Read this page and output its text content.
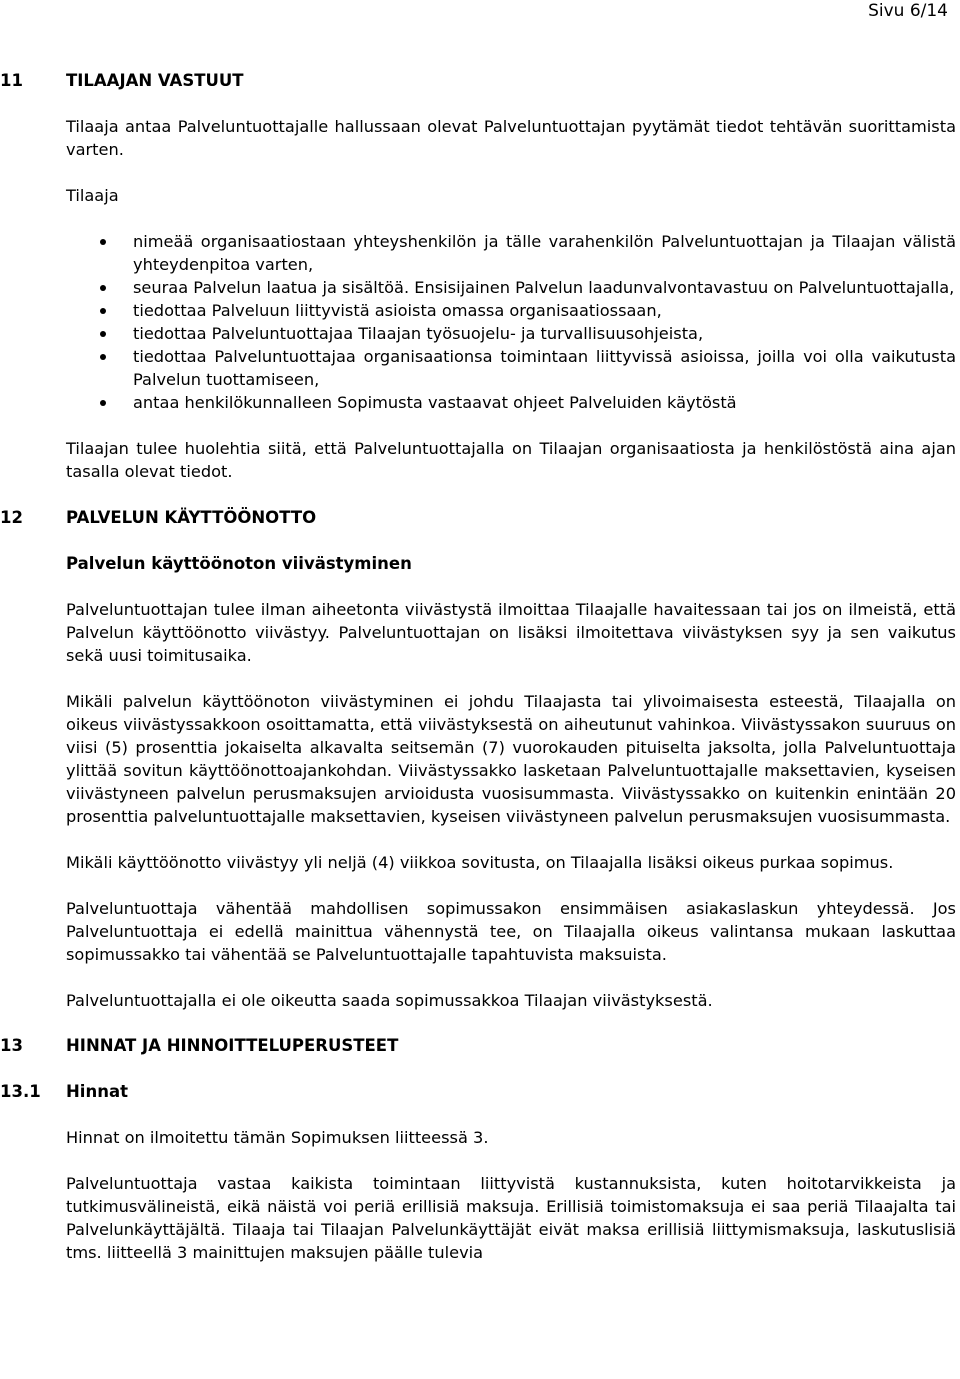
Sivu 6/14
11	TILAAJAN VASTUUT

Tilaaja antaa Palveluntuottajalle hallussaan olevat Palveluntuottajan pyytämät tiedot tehtävän suorittamista varten.

Tilaaja

nimeää organisaatiostaan yhteyshenkilön ja tälle varahenkilön Palveluntuottajan ja Tilaajan välistä yhteydenpitoa varten,
seuraa Palvelun laatua ja sisältöä. Ensisijainen Palvelun laadunvalvontavastuu on Palveluntuottajalla,
tiedottaa Palveluun liittyvistä asioista omassa organisaatiossaan,
tiedottaa Palveluntuottajaa Tilaajan työsuojelu- ja turvallisuusohjeista,
tiedottaa Palveluntuottajaa organisaationsa toimintaan liittyvissä asioissa, joilla voi olla vaikutusta Palvelun tuottamiseen,
antaa henkilökunnalleen Sopimusta vastaavat ohjeet Palveluiden käytöstä

Tilaajan tulee huolehtia siitä, että Palveluntuottajalla on Tilaajan organisaatiosta ja henkilöstöstä aina ajan tasalla olevat tiedot.

12	PALVELUN KÄYTTÖÖNOTTO
Palvelun käyttöönoton viivästyminen

Palveluntuottajan tulee ilman aiheetonta viivästystä ilmoittaa Tilaajalle havaitessaan tai jos on ilmeistä, että Palvelun käyttöönotto viivästyy. Palveluntuottajan on lisäksi ilmoitettava viivästyksen syy ja sen vaikutus sekä uusi toimitusaika.

Mikäli palvelun käyttöönoton viivästyminen ei johdu Tilaajasta tai ylivoimaisesta esteestä, Tilaajalla on oikeus viivästyssakkoon osoittamatta, että viivästyksestä on aiheutunut vahinkoa. Viivästyssakon suuruus on viisi (5) prosenttia jokaiselta alkavalta seitsemän (7) vuorokauden pituiselta jaksolta, jolla Palveluntuottaja ylittää sovitun käyttöönottoajankohdan. Viivästyssakko lasketaan Palveluntuottajalle maksettavien, kyseisen viivästyneen palvelun perusmaksujen arvioidusta vuosisummasta. Viivästyssakko on kuitenkin enintään 20 prosenttia palveluntuottajalle maksettavien, kyseisen viivästyneen palvelun perusmaksujen vuosisummasta.

Mikäli käyttöönotto viivästyy yli neljä (4) viikkoa sovitusta, on Tilaajalla lisäksi oikeus purkaa sopimus.

Palveluntuottaja vähentää mahdollisen sopimussakon ensimmäisen asiakaslaskun yhteydessä. Jos Palveluntuottaja ei edellä mainittua vähennystä tee, on Tilaajalla oikeus valintansa mukaan laskuttaa sopimussakko tai vähentää se Palveluntuottajalle tapahtuvista maksuista.

Palveluntuottajalla ei ole oikeutta saada sopimussakkoa Tilaajan viivästyksestä.

13	HINNAT JA HINNOITTELUPERUSTEET
13.1	Hinnat

Hinnat on ilmoitettu tämän Sopimuksen liitteessä 3.

Palveluntuottaja vastaa kaikista toimintaan liittyvistä kustannuksista, kuten hoitotarvikkeista ja tutkimusvälineistä, eikä näistä voi periä erillisiä maksuja. Erillisiä toimistomaksuja ei saa periä Tilaajalta tai Palvelunkäyttäjältä. Tilaaja tai Tilaajan Palvelunkäyttäjät eivät maksa erillisiä liittymismaksuja, laskutuslisiä tms. liitteellä 3 mainittujen maksujen päälle tulevia
